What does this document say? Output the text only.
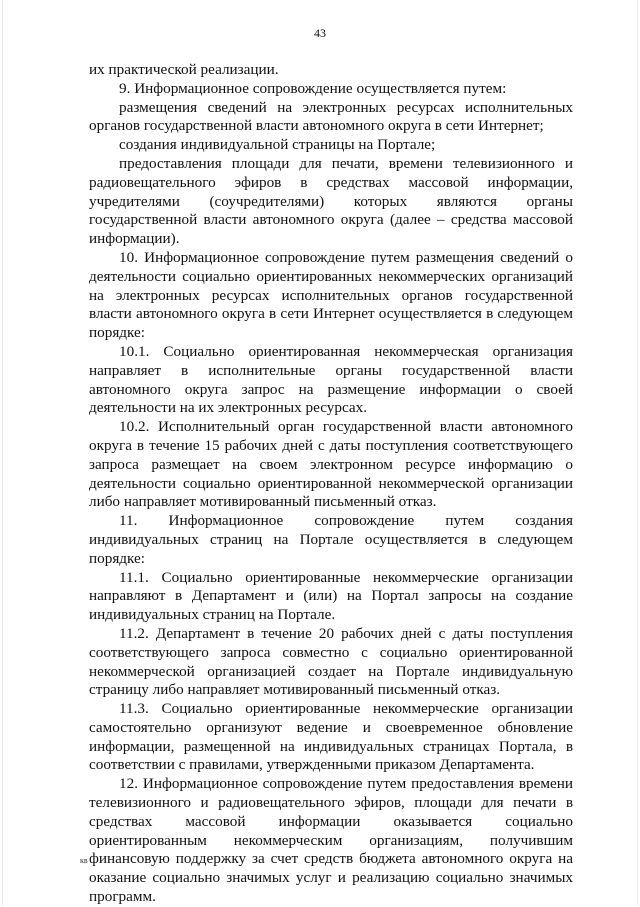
43

их практической реализации.

9. Информационное сопровождение осуществляется путем:

размещения сведений на электронных ресурсах исполнительных органов государственной власти автономного округа в сети Интернет;

создания индивидуальной страницы на Портале;

предоставления площади для печати, времени телевизионного и радиовещательного эфиров в средствах массовой информации, учредителями (соучредителями) которых являются органы государственной власти автономного округа (далее – средства массовой информации).

10. Информационное сопровождение путем размещения сведений о деятельности социально ориентированных некоммерческих организаций на электронных ресурсах исполнительных органов государственной власти автономного округа в сети Интернет осуществляется в следующем порядке:

10.1. Социально ориентированная некоммерческая организация направляет в исполнительные органы государственной власти автономного округа запрос на размещение информации о своей деятельности на их электронных ресурсах.

10.2. Исполнительный орган государственной власти автономного округа в течение 15 рабочих дней с даты поступления соответствующего запроса размещает на своем электронном ресурсе информацию о деятельности социально ориентированной некоммерческой организации либо направляет мотивированный письменный отказ.

11. Информационное сопровождение путем создания индивидуальных страниц на Портале осуществляется в следующем порядке:

11.1. Социально ориентированные некоммерческие организации направляют в Департамент и (или) на Портал запросы на создание индивидуальных страниц на Портале.

11.2. Департамент в течение 20 рабочих дней с даты поступления соответствующего запроса совместно с социально ориентированной некоммерческой организацией создает на Портале индивидуальную страницу либо направляет мотивированный письменный отказ.

11.3. Социально ориентированные некоммерческие организации самостоятельно организуют ведение и своевременное обновление информации, размещенной на индивидуальных страницах Портала, в соответствии с правилами, утвержденными приказом Департамента.

12. Информационное сопровождение путем предоставления времени телевизионного и радиовещательного эфиров, площади для печати в средствах массовой информации оказывается социально ориентированным некоммерческим организациям, получившим финансовую поддержку за счет средств бюджета автономного округа на оказание социально значимых услуг и реализацию социально значимых программ.

кв
